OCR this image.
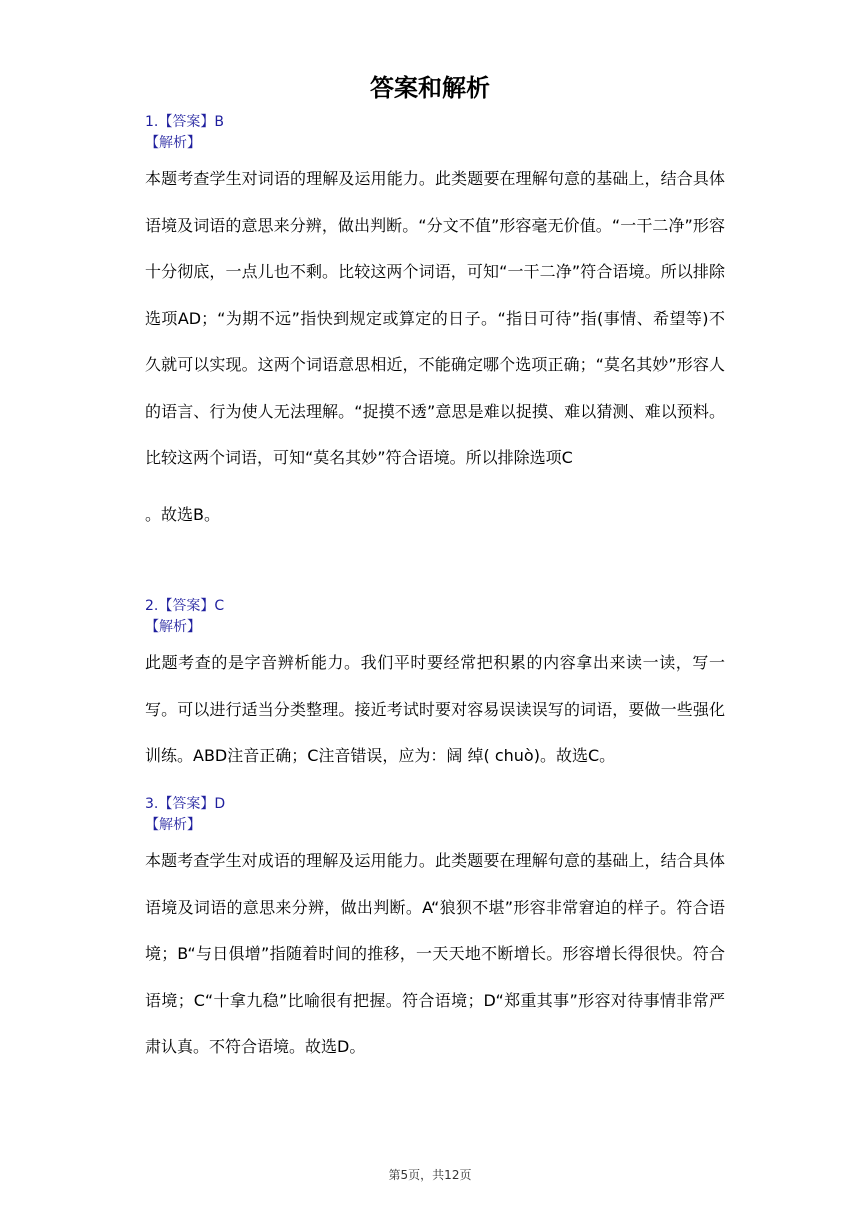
答案和解析
1.【答案】B
【解析】
本题考查学生对词语的理解及运用能力。此类题要在理解句意的基础上，结合具体语境及词语的意思来分辨，做出判断。“分文不值”形容毫无价值。“一干二净”形容十分彻底，一点儿也不剩。比较这两个词语，可知“一干二净”符合语境。所以排除选项AD；“为期不远”指快到规定或算定的日子。“指日可待”指(事情、希望等)不久就可以实现。这两个词语意思相近，不能确定哪个选项正确；“莫名其妙”形容人的语言、行为使人无法理解。“捉摸不透”意思是难以捉摸、难以猜测、难以预料。比较这两个词语，可知“莫名其妙”符合语境。所以排除选项C
。故选B。
2.【答案】C
【解析】
此题考查的是字音辨析能力。我们平时要经常把积累的内容拿出来读一读，写一写。可以进行适当分类整理。接近考试时要对容易误读误写的词语，要做一些强化训练。ABD注音正确；C注音错误，应为：阔 绰( chuò)。故选C。
3.【答案】D
【解析】
本题考查学生对成语的理解及运用能力。此类题要在理解句意的基础上，结合具体语境及词语的意思来分辨，做出判断。A“狼狈不堪”形容非常窘迫的样子。符合语境；B“与日俱增”指随着时间的推移，一天天地不断增长。形容增长得很快。符合语境；C“十拿九稳”比喻很有把握。符合语境；D“郑重其事”形容对待事情非常严肃认真。不符合语境。故选D。
第5页，共12页
